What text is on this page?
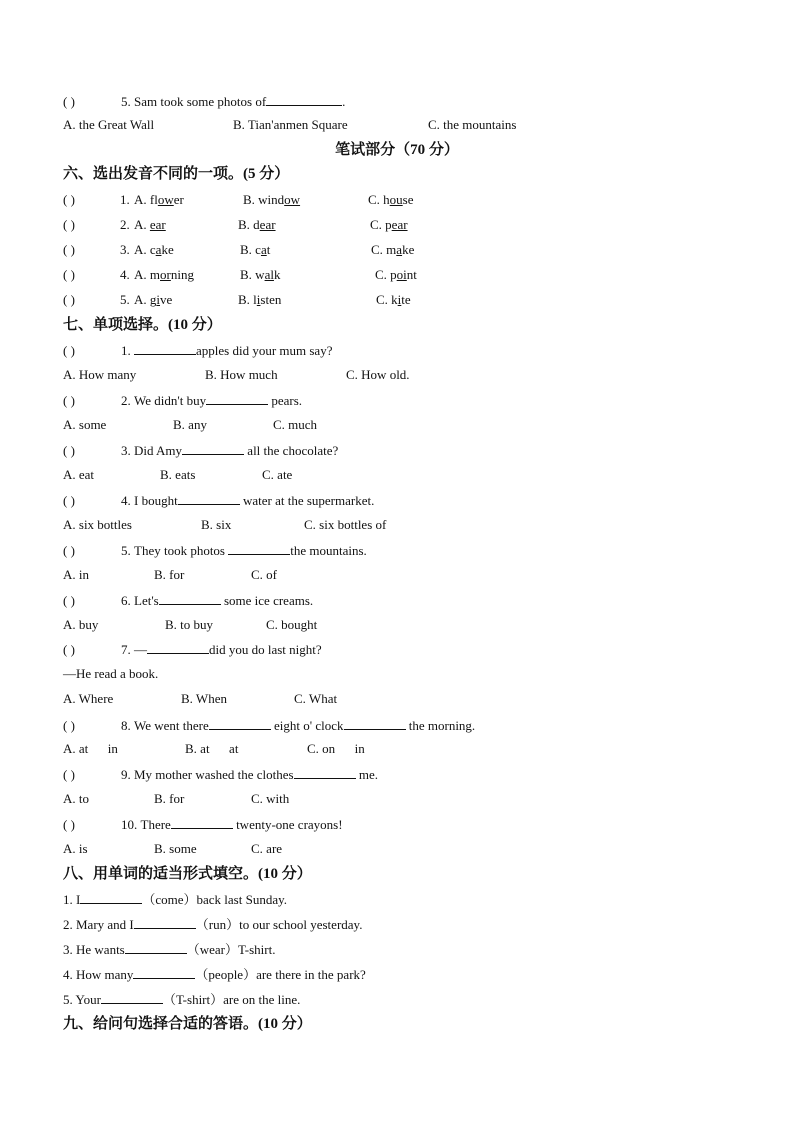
( )	5. Sam took some photos of	.
A. the Great Wall	B. Tian'anmen Square	C. the mountains
笔试部分（70 分）
六、选出发音不同的一项。(5 分）
( )	1. A. flower	B. window	C. house
( )	2. A. ear	B. dear	C. pear
( )	3. A. cake	B. cat	C. make
( )	4. A. morning	B. walk	C. point
( )	5. A. give	B. listen	C. kite
七、单项选择。(10 分）
( )	1.	apples did your mum say?
A. How many	B. How much	C. How old.
( )	2. We didn't buy	pears.
A. some	B. any	C. much
( )	3. Did Amy	all the chocolate?
A. eat	B. eats	C. ate
( )	4. I bought	water at the supermarket.
A. six bottles	B. six	C. six bottles of
( )	5. They took photos	the mountains.
A. in	B. for	C. of
( )	6. Let's	some ice creams.
A. buy	B. to buy	C. bought
( )	7. —	did you do last night?
—He read a book.
A. Where	B. When	C. What
( )	8. We went there	eight o' clock	the morning.
A. at      in	B. at      at	C. on      in
( )	9. My mother washed the clothes	me.
A. to	B. for	C. with
( )	10. There	twenty-one crayons!
A. is	B. some	C. are
八、用单词的适当形式填空。(10 分）
1. I	（come）back last Sunday.
2. Mary and I	（run）to our school yesterday.
3. He wants	（wear）T-shirt.
4. How many	（people）are there in the park?
5. Your	（T-shirt）are on the line.
九、给问句选择合适的答语。(10 分）
